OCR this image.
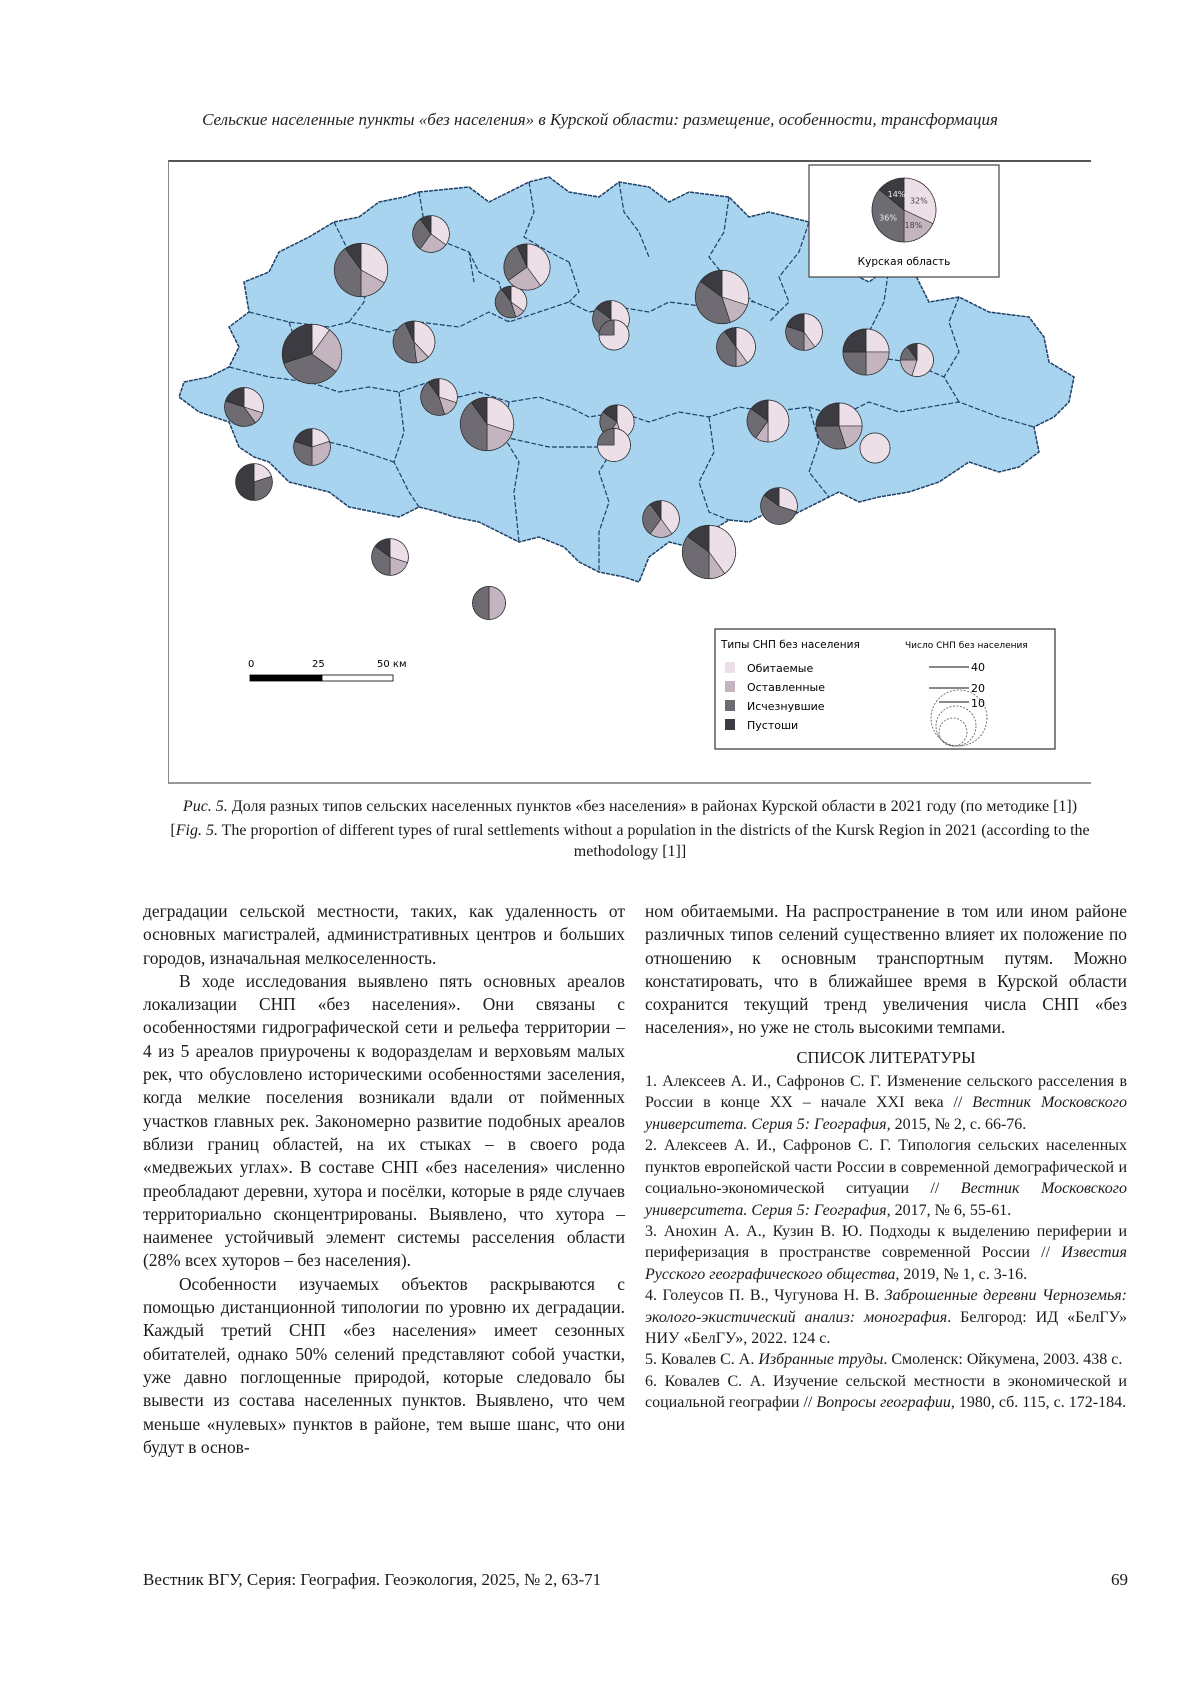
Сельские населенные пункты «без населения» в Курской области: размещение, особенности, трансформация
32%
18%
36%
14%
Курская область
0	25	50 км
Типы СНП без населения	Число СНП без населения
Обитаемые
Оставленные
Исчезнувшие
Пустоши
40
20
10
Рис. 5. Доля разных типов сельских населенных пунктов «без населения» в районах Курской области в 2021 году (по методике [1])
[Fig. 5. The proportion of different types of rural settlements without a population in the districts of the Kursk Region in 2021 (according to the methodology [1]]

деградации сельской местности, таких, как удаленность от основных магистралей, административных центров и больших городов, изначальная мелкоселенность.

В ходе исследования выявлено пять основных ареалов локализации СНП «без населения». Они связаны с особенностями гидрографической сети и рельефа территории – 4 из 5 ареалов приурочены к водоразделам и верховьям малых рек, что обусловлено историческими особенностями заселения, когда мелкие поселения возникали вдали от пойменных участков главных рек. Закономерно развитие подобных ареалов вблизи границ областей, на их стыках – в своего рода «медвежьих углах». В составе СНП «без населения» численно преобладают деревни, хутора и посёлки, которые в ряде случаев территориально сконцентрированы. Выявлено, что хутора – наименее устойчивый элемент системы расселения области (28% всех хуторов – без населения).

Особенности изучаемых объектов раскрываются с помощью дистанционной типологии по уровню их деградации. Каждый третий СНП «без населения» имеет сезонных обитателей, однако 50% селений представляют собой участки, уже давно поглощенные природой, которые следовало бы вывести из состава населенных пунктов. Выявлено, что чем меньше «нулевых» пунктов в районе, тем выше шанс, что они будут в основ-

ном обитаемыми. На распространение в том или ином районе различных типов селений существенно влияет их положение по отношению к основным транспортным путям. Можно констатировать, что в ближайшее время в Курской области сохранится текущий тренд увеличения числа СНП «без населения», но уже не столь высокими темпами.

СПИСОК ЛИТЕРАТУРЫ

1. Алексеев А. И., Сафронов С. Г. Изменение сельского расселения в России в конце XX – начале XXI века // Вестник Московского университета. Серия 5: География, 2015, № 2, с. 66-76.

2. Алексеев А. И., Сафронов С. Г. Типология сельских населенных пунктов европейской части России в современной демографической и социально-экономической ситуации // Вестник Московского университета. Серия 5: География, 2017, № 6, 55-61.

3. Анохин А. А., Кузин В. Ю. Подходы к выделению периферии и периферизация в пространстве современной России // Известия Русского географического общества, 2019, № 1, с. 3-16.

4. Голеусов П. В., Чугунова Н. В. Заброшенные деревни Черноземья: эколого-экистический анализ: монография. Белгород: ИД «БелГУ» НИУ «БелГУ», 2022. 124 с.

5. Ковалев С. А. Избранные труды. Смоленск: Ойкумена, 2003. 438 с.

6. Ковалев С. А. Изучение сельской местности в экономической и социальной географии // Вопросы географии, 1980, сб. 115, с. 172-184.

Вестник ВГУ, Серия: География. Геоэкология, 2025, № 2, 63-71	69
